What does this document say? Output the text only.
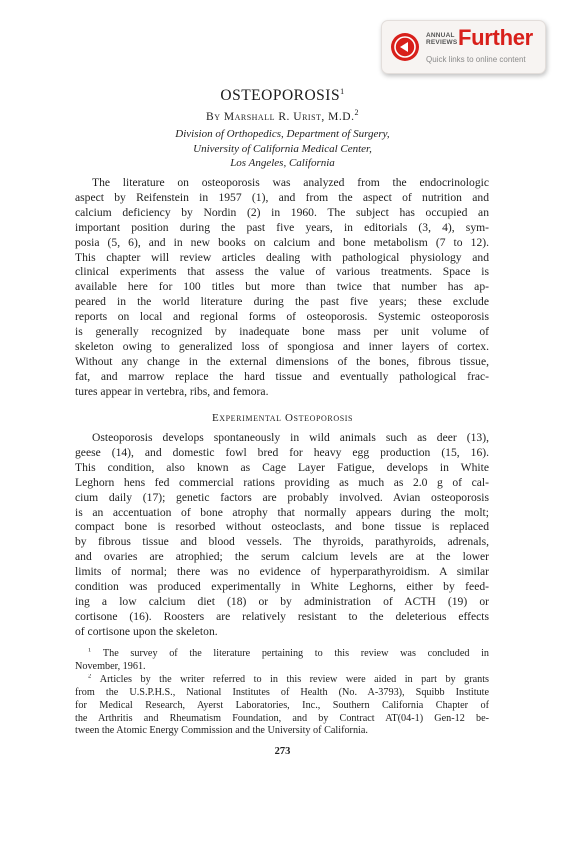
ANNUAL
REVIEWS Further
Quick links to online content
OSTEOPOROSIS$^1$
By Marshall R. Urist, M.D.$^2$
Division of Orthopedics, Department of Surgery,
University of California Medical Center,
Los Angeles, California
The literature on osteoporosis was analyzed from the endocrinologic
aspect by Reifenstein in 1957 (1), and from the aspect of nutrition and
calcium deficiency by Nordin (2) in 1960. The subject has occupied an
important position during the past five years, in editorials (3, 4), sym-
posia (5, 6), and in new books on calcium and bone metabolism (7 to 12).
This chapter will review articles dealing with pathological physiology and
clinical experiments that assess the value of various treatments. Space is
available here for 100 titles but more than twice that number has ap-
peared in the world literature during the past five years; these exclude
reports on local and regional forms of osteoporosis. Systemic osteoporosis
is generally recognized by inadequate bone mass per unit volume of
skeleton owing to generalized loss of spongiosa and inner layers of cortex.
Without any change in the external dimensions of the bones, fibrous tissue,
fat, and marrow replace the hard tissue and eventually pathological frac-
tures appear in vertebra, ribs, and femora.
Experimental Osteoporosis
Osteoporosis develops spontaneously in wild animals such as deer (13),
geese (14), and domestic fowl bred for heavy egg production (15, 16).
This condition, also known as Cage Layer Fatigue, develops in White
Leghorn hens fed commercial rations providing as much as 2.0 g of cal-
cium daily (17); genetic factors are probably involved. Avian osteoporosis
is an accentuation of bone atrophy that normally appears during the molt;
compact bone is resorbed without osteoclasts, and bone tissue is replaced
by fibrous tissue and blood vessels. The thyroids, parathyroids, adrenals,
and ovaries are atrophied; the serum calcium levels are at the lower
limits of normal; there was no evidence of hyperparathyroidism. A similar
condition was produced experimentally in White Leghorns, either by feed-
ing a low calcium diet (18) or by administration of ACTH (19) or
cortisone (16). Roosters are relatively resistant to the deleterious effects
of cortisone upon the skeleton.
$^1$ The survey of the literature pertaining to this review was concluded in
November, 1961.
$^2$ Articles by the writer referred to in this review were aided in part by grants
from the U.S.P.H.S., National Institutes of Health (No. A-3793), Squibb Institute
for Medical Research, Ayerst Laboratories, Inc., Southern California Chapter of
the Arthritis and Rheumatism Foundation, and by Contract AT(04-1) Gen-12 be-
tween the Atomic Energy Commission and the University of California.
273
